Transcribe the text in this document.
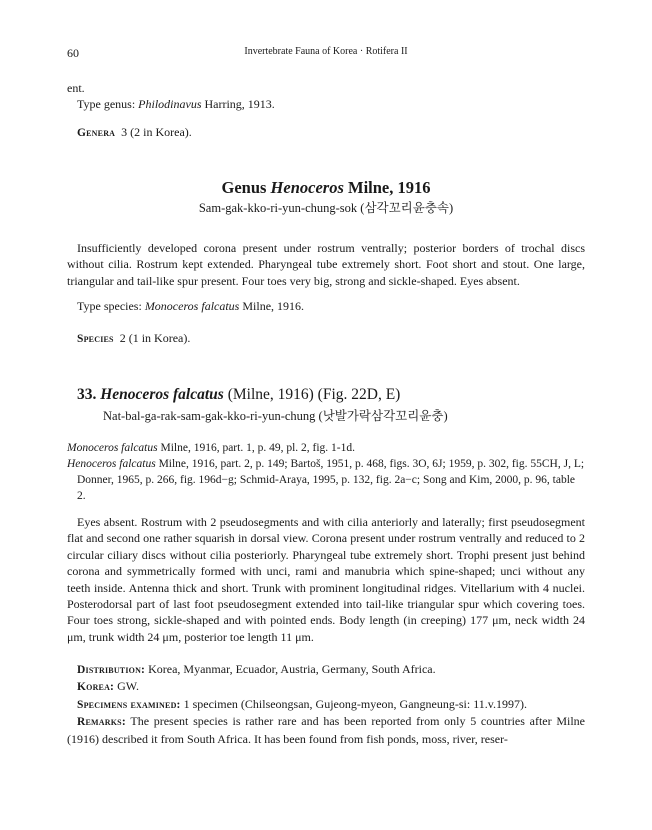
60	Invertebrate Fauna of Korea · Rotifera II

ent.

Type genus: Philodinavus Harring, 1913.

Genera 3 (2 in Korea).
Genus Henoceros Milne, 1916
Sam-gak-kko-ri-yun-chung-sok (삼각꼬리윤충속)
Insufficiently developed corona present under rostrum ventrally; posterior borders of trochal discs without cilia. Rostrum kept extended. Pharyngeal tube extremely short. Foot short and stout. One large, triangular and tail-like spur present. Four toes very big, strong and sickle-shaped. Eyes absent.
Type species: Monoceros falcatus Milne, 1916.
Species 2 (1 in Korea).
33. Henoceros falcatus (Milne, 1916) (Fig. 22D, E)
Nat-bal-ga-rak-sam-gak-kko-ri-yun-chung (낫발가락삼각꼬리윤충)

Monoceros falcatus Milne, 1916, part. 1, p. 49, pl. 2, fig. 1-1d.

Henoceros falcatus Milne, 1916, part. 2, p. 149; Bartoš, 1951, p. 468, figs. 3O, 6J; 1959, p. 302, fig. 55CH, J, L; Donner, 1965, p. 266, fig. 196d−g; Schmid-Araya, 1995, p. 132, fig. 2a−c; Song and Kim, 2000, p. 96, table 2.

Eyes absent. Rostrum with 2 pseudosegments and with cilia anteriorly and laterally; first pseudosegment flat and second one rather squarish in dorsal view. Corona present under rostrum ventrally and reduced to 2 circular ciliary discs without cilia posteriorly. Pharyngeal tube extremely short. Trophi present just behind corona and symmetrically formed with unci, rami and manubria which spine-shaped; unci without any teeth inside. Antenna thick and short. Trunk with prominent longitudinal ridges. Vitellarium with 4 nuclei. Posterodorsal part of last foot pseudosegment extended into tail-like triangular spur which covering toes. Four toes strong, sickle-shaped and with pointed ends. Body length (in creeping) 177 μm, neck width 24 μm, trunk width 24 μm, posterior toe length 11 μm.

Distribution: Korea, Myanmar, Ecuador, Austria, Germany, South Africa.

Korea: GW.

Specimens examined: 1 specimen (Chilseongsan, Gujeong-myeon, Gangneung-si: 11.v.1997).

Remarks: The present species is rather rare and has been reported from only 5 countries after Milne (1916) described it from South Africa. It has been found from fish ponds, moss, river, reser-
